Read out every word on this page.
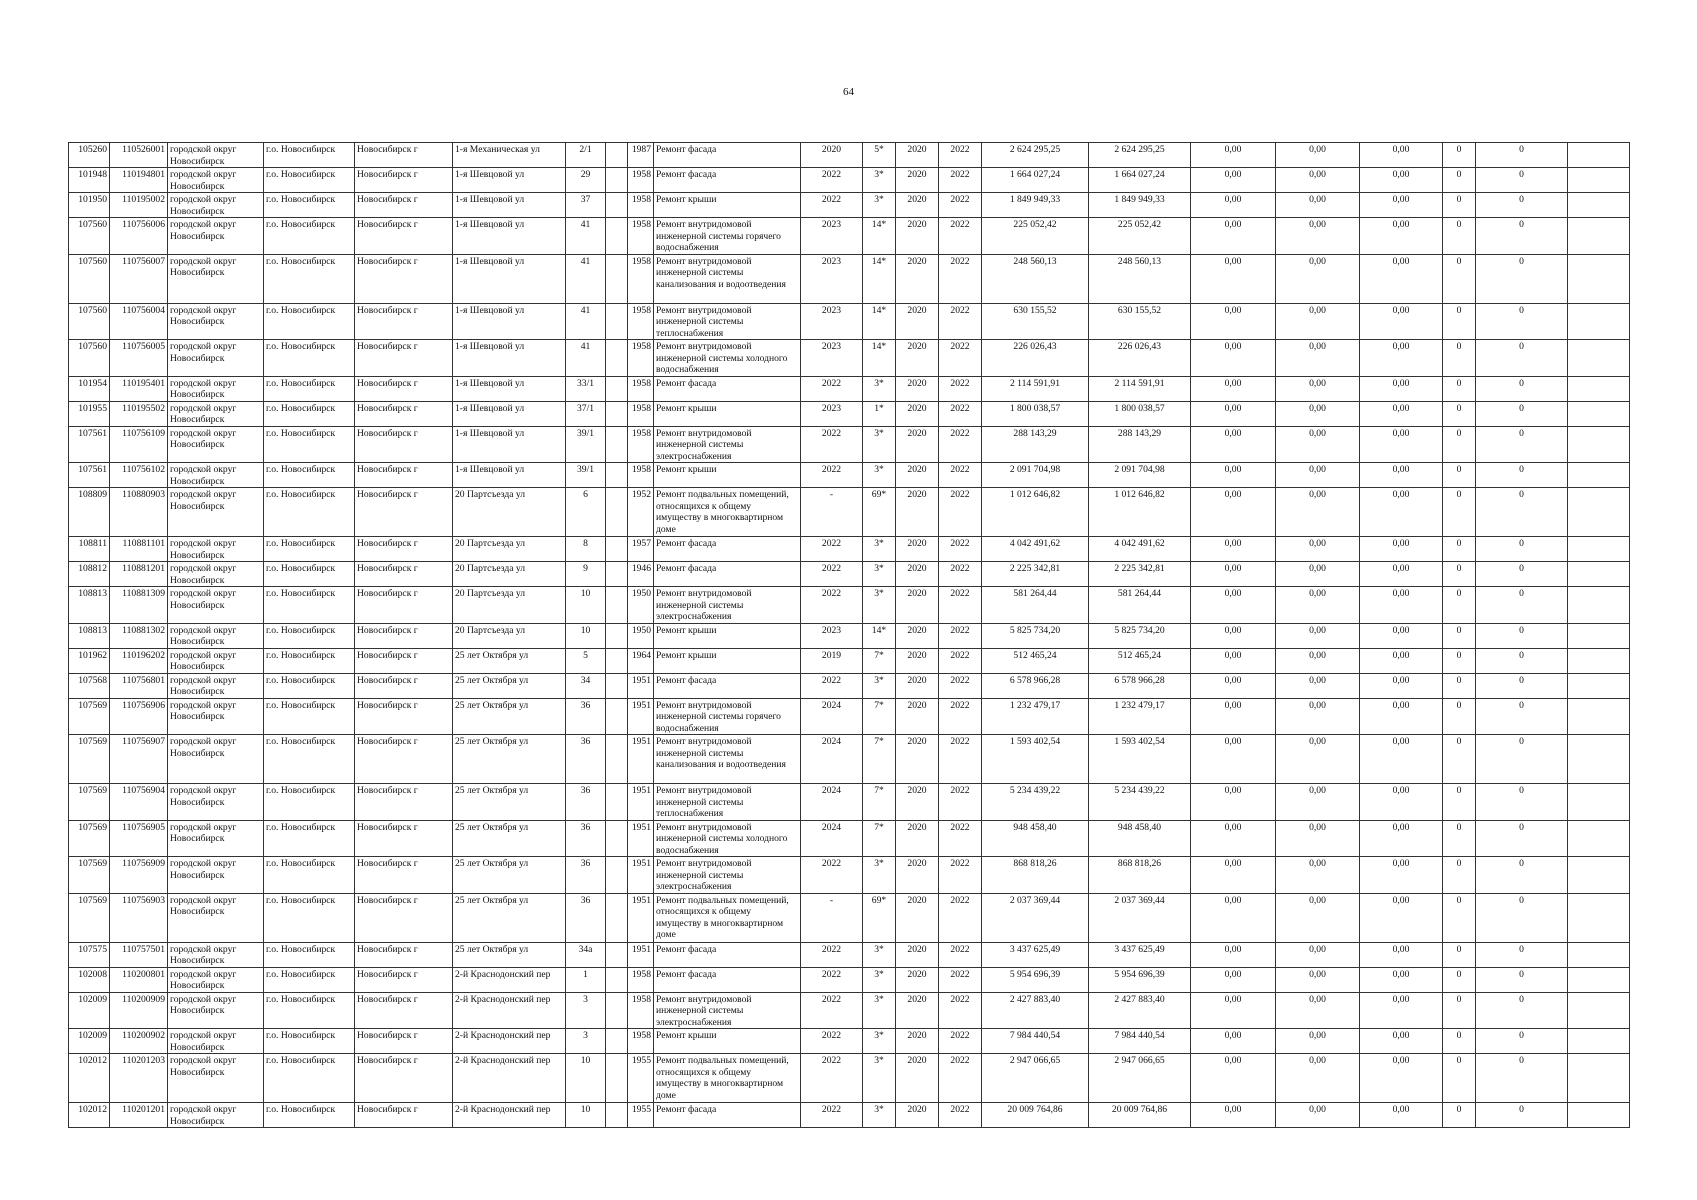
64
105260	110526001	городской округ Новосибирск	г.о. Новосибирск	Новосибирск г	1-я Механическая ул	2/1		1987	Ремонт фасада	2020	5*	2020	2022	2 624 295,25	2 624 295,25	0,00	0,00	0,00	0	0	
101948	110194801	городской округ Новосибирск	г.о. Новосибирск	Новосибирск г	1-я Шевцовой ул	29		1958	Ремонт фасада	2022	3*	2020	2022	1 664 027,24	1 664 027,24	0,00	0,00	0,00	0	0	
101950	110195002	городской округ Новосибирск	г.о. Новосибирск	Новосибирск г	1-я Шевцовой ул	37		1958	Ремонт крыши	2022	3*	2020	2022	1 849 949,33	1 849 949,33	0,00	0,00	0,00	0	0	
107560	110756006	городской округ Новосибирск	г.о. Новосибирск	Новосибирск г	1-я Шевцовой ул	41		1958	Ремонт внутридомовой инженерной системы горячего водоснабжения	2023	14*	2020	2022	225 052,42	225 052,42	0,00	0,00	0,00	0	0	
107560	110756007	городской округ Новосибирск	г.о. Новосибирск	Новосибирск г	1-я Шевцовой ул	41		1958	Ремонт внутридомовой инженерной системы канализования и водоотведения	2023	14*	2020	2022	248 560,13	248 560,13	0,00	0,00	0,00	0	0	
107560	110756004	городской округ Новосибирск	г.о. Новосибирск	Новосибирск г	1-я Шевцовой ул	41		1958	Ремонт внутридомовой инженерной системы теплоснабжения	2023	14*	2020	2022	630 155,52	630 155,52	0,00	0,00	0,00	0	0	
107560	110756005	городской округ Новосибирск	г.о. Новосибирск	Новосибирск г	1-я Шевцовой ул	41		1958	Ремонт внутридомовой инженерной системы холодного водоснабжения	2023	14*	2020	2022	226 026,43	226 026,43	0,00	0,00	0,00	0	0	
101954	110195401	городской округ Новосибирск	г.о. Новосибирск	Новосибирск г	1-я Шевцовой ул	33/1		1958	Ремонт фасада	2022	3*	2020	2022	2 114 591,91	2 114 591,91	0,00	0,00	0,00	0	0	
101955	110195502	городской округ Новосибирск	г.о. Новосибирск	Новосибирск г	1-я Шевцовой ул	37/1		1958	Ремонт крыши	2023	1*	2020	2022	1 800 038,57	1 800 038,57	0,00	0,00	0,00	0	0	
107561	110756109	городской округ Новосибирск	г.о. Новосибирск	Новосибирск г	1-я Шевцовой ул	39/1		1958	Ремонт внутридомовой инженерной системы электроснабжения	2022	3*	2020	2022	288 143,29	288 143,29	0,00	0,00	0,00	0	0	
107561	110756102	городской округ Новосибирск	г.о. Новосибирск	Новосибирск г	1-я Шевцовой ул	39/1		1958	Ремонт крыши	2022	3*	2020	2022	2 091 704,98	2 091 704,98	0,00	0,00	0,00	0	0	
108809	110880903	городской округ Новосибирск	г.о. Новосибирск	Новосибирск г	20 Партсъезда ул	6		1952	Ремонт подвальных помещений, относящихся к общему имуществу в многоквартирном доме	-	69*	2020	2022	1 012 646,82	1 012 646,82	0,00	0,00	0,00	0	0	
108811	110881101	городской округ Новосибирск	г.о. Новосибирск	Новосибирск г	20 Партсъезда ул	8		1957	Ремонт фасада	2022	3*	2020	2022	4 042 491,62	4 042 491,62	0,00	0,00	0,00	0	0	
108812	110881201	городской округ Новосибирск	г.о. Новосибирск	Новосибирск г	20 Партсъезда ул	9		1946	Ремонт фасада	2022	3*	2020	2022	2 225 342,81	2 225 342,81	0,00	0,00	0,00	0	0	
108813	110881309	городской округ Новосибирск	г.о. Новосибирск	Новосибирск г	20 Партсъезда ул	10		1950	Ремонт внутридомовой инженерной системы электроснабжения	2022	3*	2020	2022	581 264,44	581 264,44	0,00	0,00	0,00	0	0	
108813	110881302	городской округ Новосибирск	г.о. Новосибирск	Новосибирск г	20 Партсъезда ул	10		1950	Ремонт крыши	2023	14*	2020	2022	5 825 734,20	5 825 734,20	0,00	0,00	0,00	0	0	
101962	110196202	городской округ Новосибирск	г.о. Новосибирск	Новосибирск г	25 лет Октября ул	5		1964	Ремонт крыши	2019	7*	2020	2022	512 465,24	512 465,24	0,00	0,00	0,00	0	0	
107568	110756801	городской округ Новосибирск	г.о. Новосибирск	Новосибирск г	25 лет Октября ул	34		1951	Ремонт фасада	2022	3*	2020	2022	6 578 966,28	6 578 966,28	0,00	0,00	0,00	0	0	
107569	110756906	городской округ Новосибирск	г.о. Новосибирск	Новосибирск г	25 лет Октября ул	36		1951	Ремонт внутридомовой инженерной системы горячего водоснабжения	2024	7*	2020	2022	1 232 479,17	1 232 479,17	0,00	0,00	0,00	0	0	
107569	110756907	городской округ Новосибирск	г.о. Новосибирск	Новосибирск г	25 лет Октября ул	36		1951	Ремонт внутридомовой инженерной системы канализования и водоотведения	2024	7*	2020	2022	1 593 402,54	1 593 402,54	0,00	0,00	0,00	0	0	
107569	110756904	городской округ Новосибирск	г.о. Новосибирск	Новосибирск г	25 лет Октября ул	36		1951	Ремонт внутридомовой инженерной системы теплоснабжения	2024	7*	2020	2022	5 234 439,22	5 234 439,22	0,00	0,00	0,00	0	0	
107569	110756905	городской округ Новосибирск	г.о. Новосибирск	Новосибирск г	25 лет Октября ул	36		1951	Ремонт внутридомовой инженерной системы холодного водоснабжения	2024	7*	2020	2022	948 458,40	948 458,40	0,00	0,00	0,00	0	0	
107569	110756909	городской округ Новосибирск	г.о. Новосибирск	Новосибирск г	25 лет Октября ул	36		1951	Ремонт внутридомовой инженерной системы электроснабжения	2022	3*	2020	2022	868 818,26	868 818,26	0,00	0,00	0,00	0	0	
107569	110756903	городской округ Новосибирск	г.о. Новосибирск	Новосибирск г	25 лет Октября ул	36		1951	Ремонт подвальных помещений, относящихся к общему имуществу в многоквартирном доме	-	69*	2020	2022	2 037 369,44	2 037 369,44	0,00	0,00	0,00	0	0	
107575	110757501	городской округ Новосибирск	г.о. Новосибирск	Новосибирск г	25 лет Октября ул	34а		1951	Ремонт фасада	2022	3*	2020	2022	3 437 625,49	3 437 625,49	0,00	0,00	0,00	0	0	
102008	110200801	городской округ Новосибирск	г.о. Новосибирск	Новосибирск г	2-й Краснодонский пер	1		1958	Ремонт фасада	2022	3*	2020	2022	5 954 696,39	5 954 696,39	0,00	0,00	0,00	0	0	
102009	110200909	городской округ Новосибирск	г.о. Новосибирск	Новосибирск г	2-й Краснодонский пер	3		1958	Ремонт внутридомовой инженерной системы электроснабжения	2022	3*	2020	2022	2 427 883,40	2 427 883,40	0,00	0,00	0,00	0	0	
102009	110200902	городской округ Новосибирск	г.о. Новосибирск	Новосибирск г	2-й Краснодонский пер	3		1958	Ремонт крыши	2022	3*	2020	2022	7 984 440,54	7 984 440,54	0,00	0,00	0,00	0	0	
102012	110201203	городской округ Новосибирск	г.о. Новосибирск	Новосибирск г	2-й Краснодонский пер	10		1955	Ремонт подвальных помещений, относящихся к общему имуществу в многоквартирном доме	2022	3*	2020	2022	2 947 066,65	2 947 066,65	0,00	0,00	0,00	0	0	
102012	110201201	городской округ Новосибирск	г.о. Новосибирск	Новосибирск г	2-й Краснодонский пер	10		1955	Ремонт фасада	2022	3*	2020	2022	20 009 764,86	20 009 764,86	0,00	0,00	0,00	0	0	
